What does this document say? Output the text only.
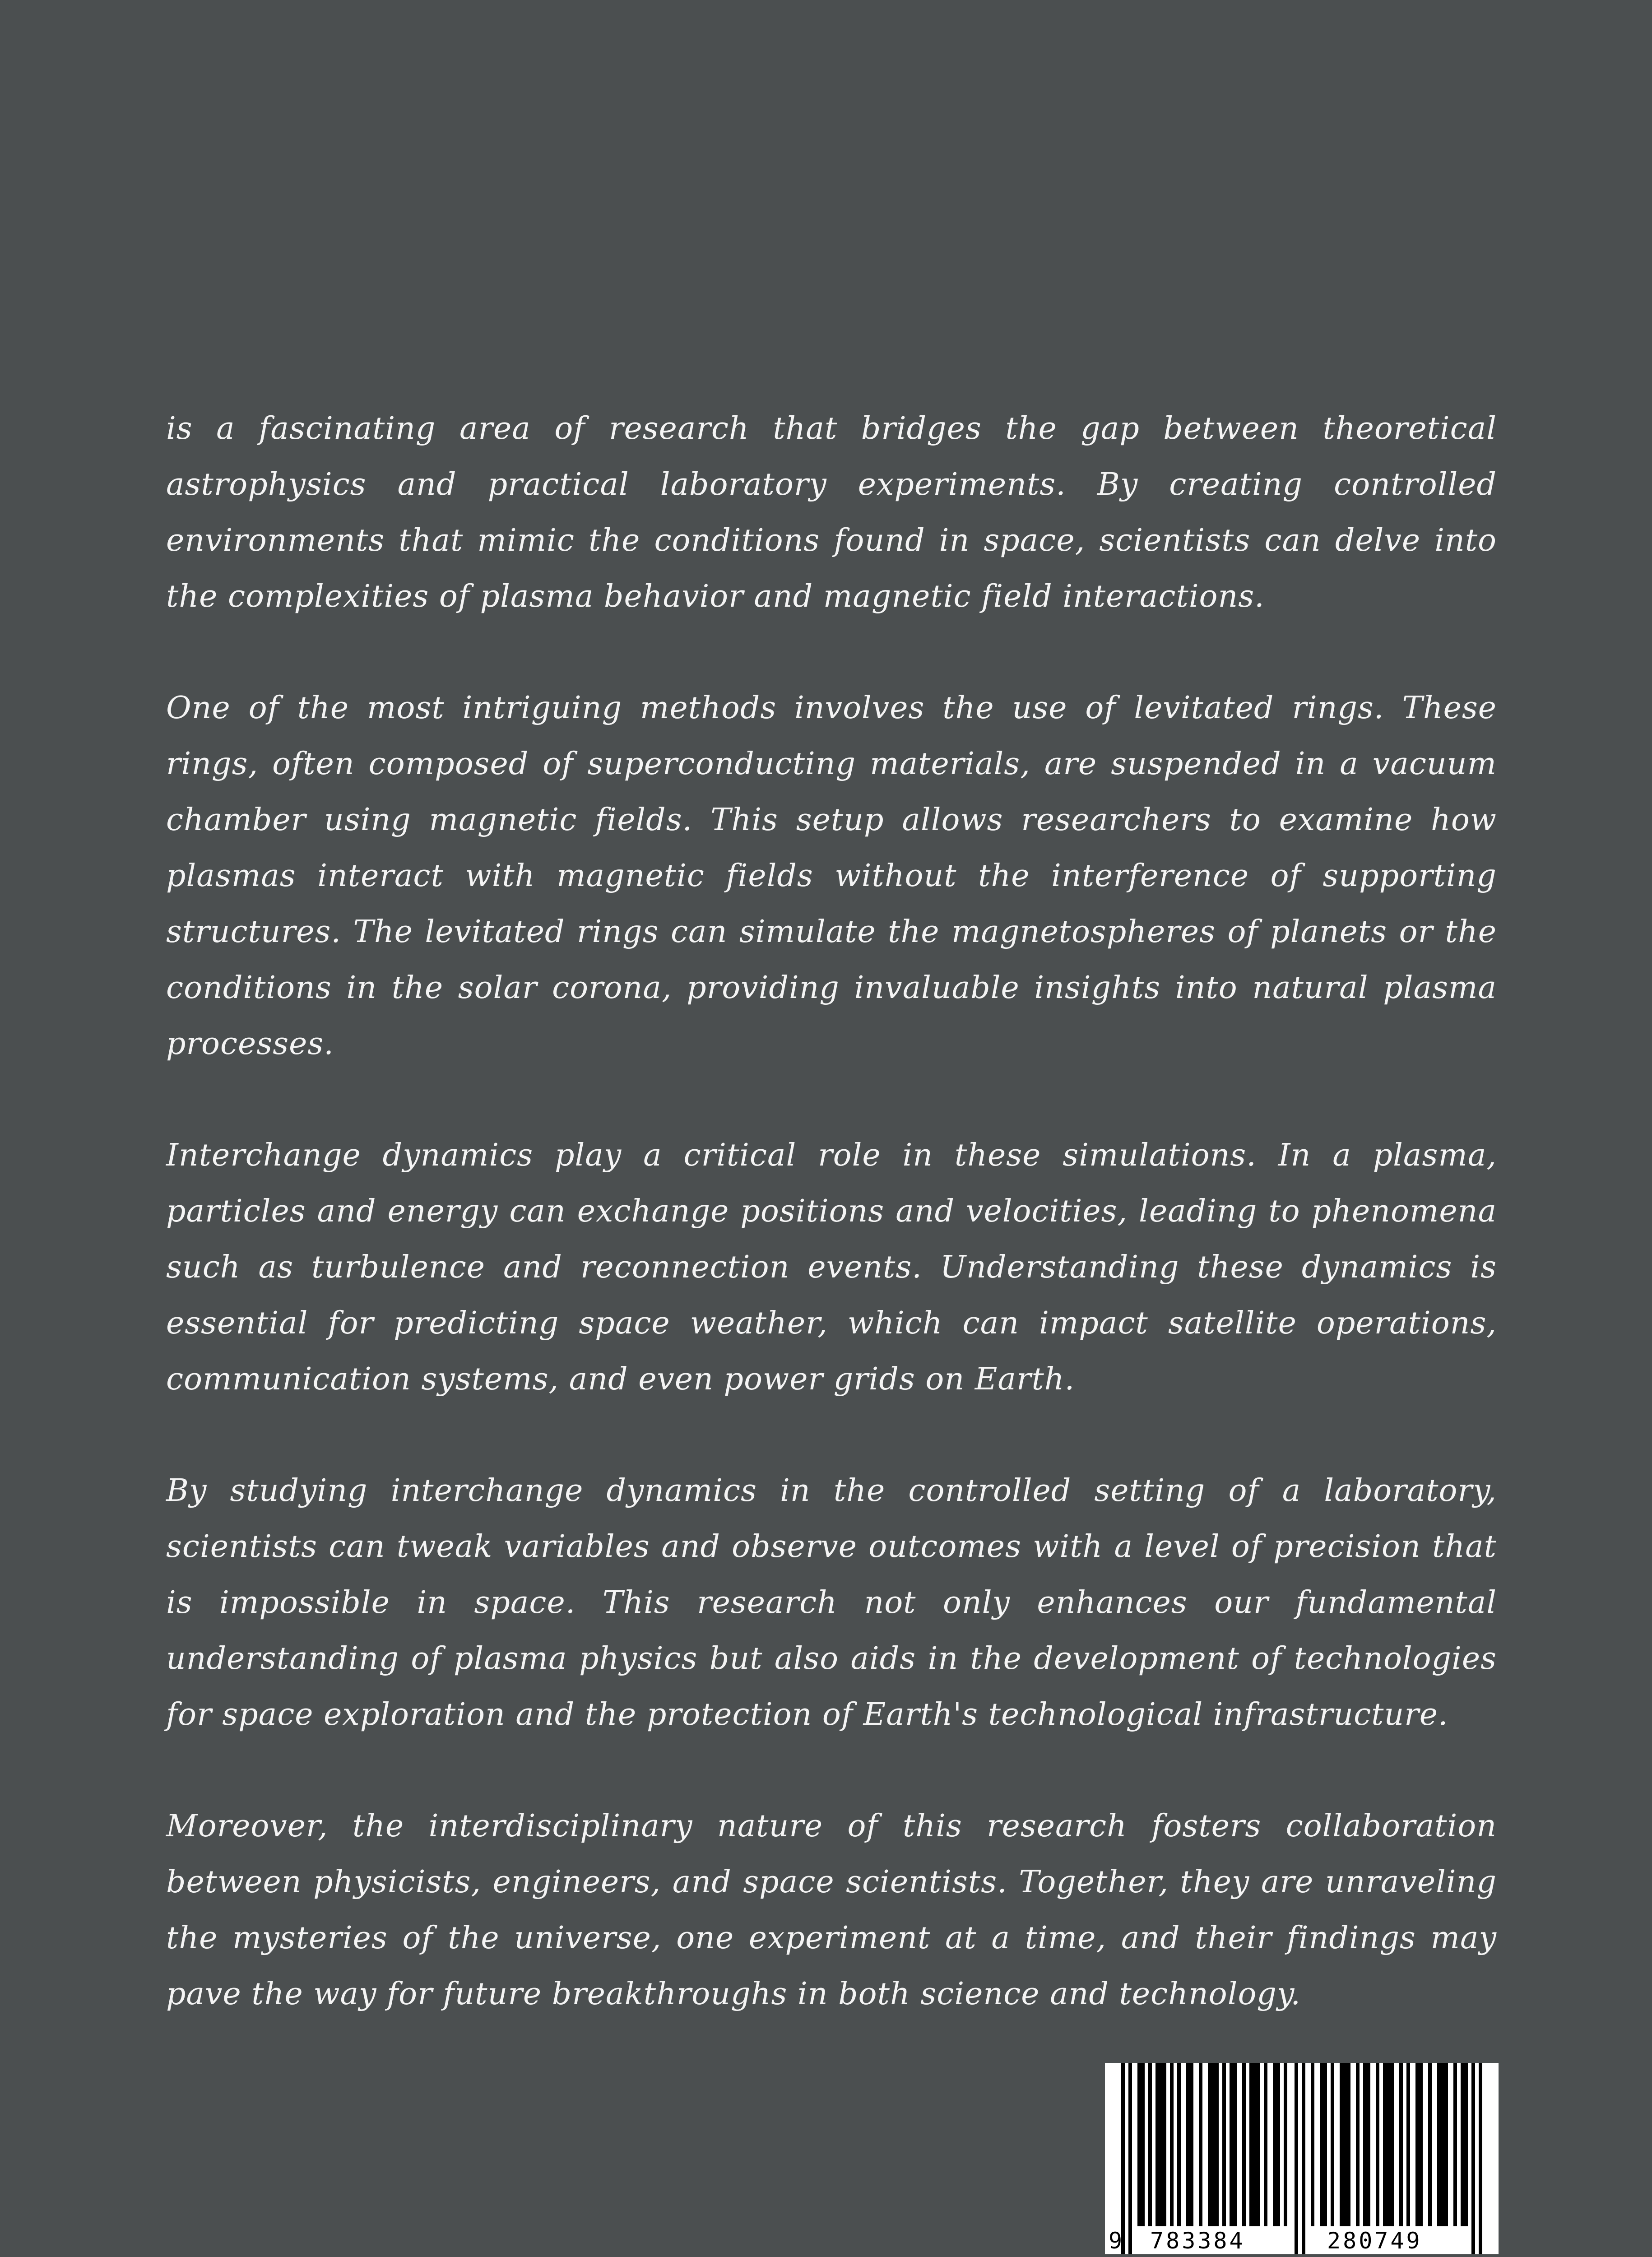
is a fascinating area of research that bridges the gap between theoretical astrophysics and practical laboratory experiments. By creating controlled environments that mimic the conditions found in space, scientists can delve into the complexities of plasma behavior and magnetic field interactions.

One of the most intriguing methods involves the use of levitated rings. These rings, often composed of superconducting materials, are suspended in a vacuum chamber using magnetic fields. This setup allows researchers to examine how plasmas interact with magnetic fields without the interference of supporting structures. The levitated rings can simulate the magnetospheres of planets or the conditions in the solar corona, providing invaluable insights into natural plasma processes.

Interchange dynamics play a critical role in these simulations. In a plasma, particles and energy can exchange positions and velocities, leading to phenomena such as turbulence and reconnection events. Understanding these dynamics is essential for predicting space weather, which can impact satellite operations, communication systems, and even power grids on Earth.

By studying interchange dynamics in the controlled setting of a laboratory, scientists can tweak variables and observe outcomes with a level of precision that is impossible in space. This research not only enhances our fundamental understanding of plasma physics but also aids in the development of technologies for space exploration and the protection of Earth's technological infrastructure.

Moreover, the interdisciplinary nature of this research fosters collaboration between physicists, engineers, and space scientists. Together, they are unraveling the mysteries of the universe, one experiment at a time, and their findings may pave the way for future breakthroughs in both science and technology.

9 783384	280749
